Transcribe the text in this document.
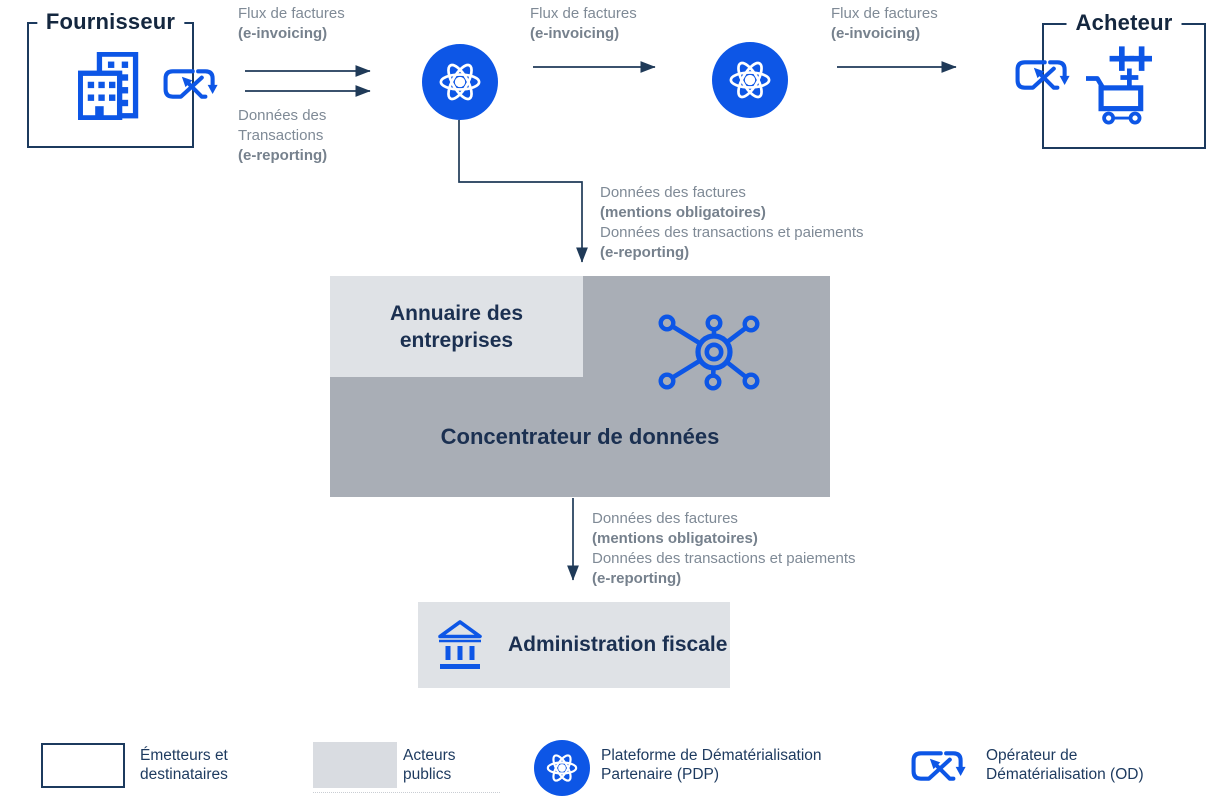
Fournisseur	Flux de factures
(e-invoicing)
Données des
Transactions
(e-reporting)
Flux de factures
(e-invoicing)
Flux de factures
(e-invoicing)	Acheteur
Données des factures
(mentions obligatoires)
Données des transactions et paiements
(e-reporting)
Annuaire des entreprises
Concentrateur de données
Données des factures
(mentions obligatoires)
Données des transactions et paiements
(e-reporting)
Administration fiscale
Émetteurs et
destinataires
Acteurs
publics
Plateforme de Dématérialisation
Partenaire (PDP)
Opérateur de
Dématérialisation (OD)
